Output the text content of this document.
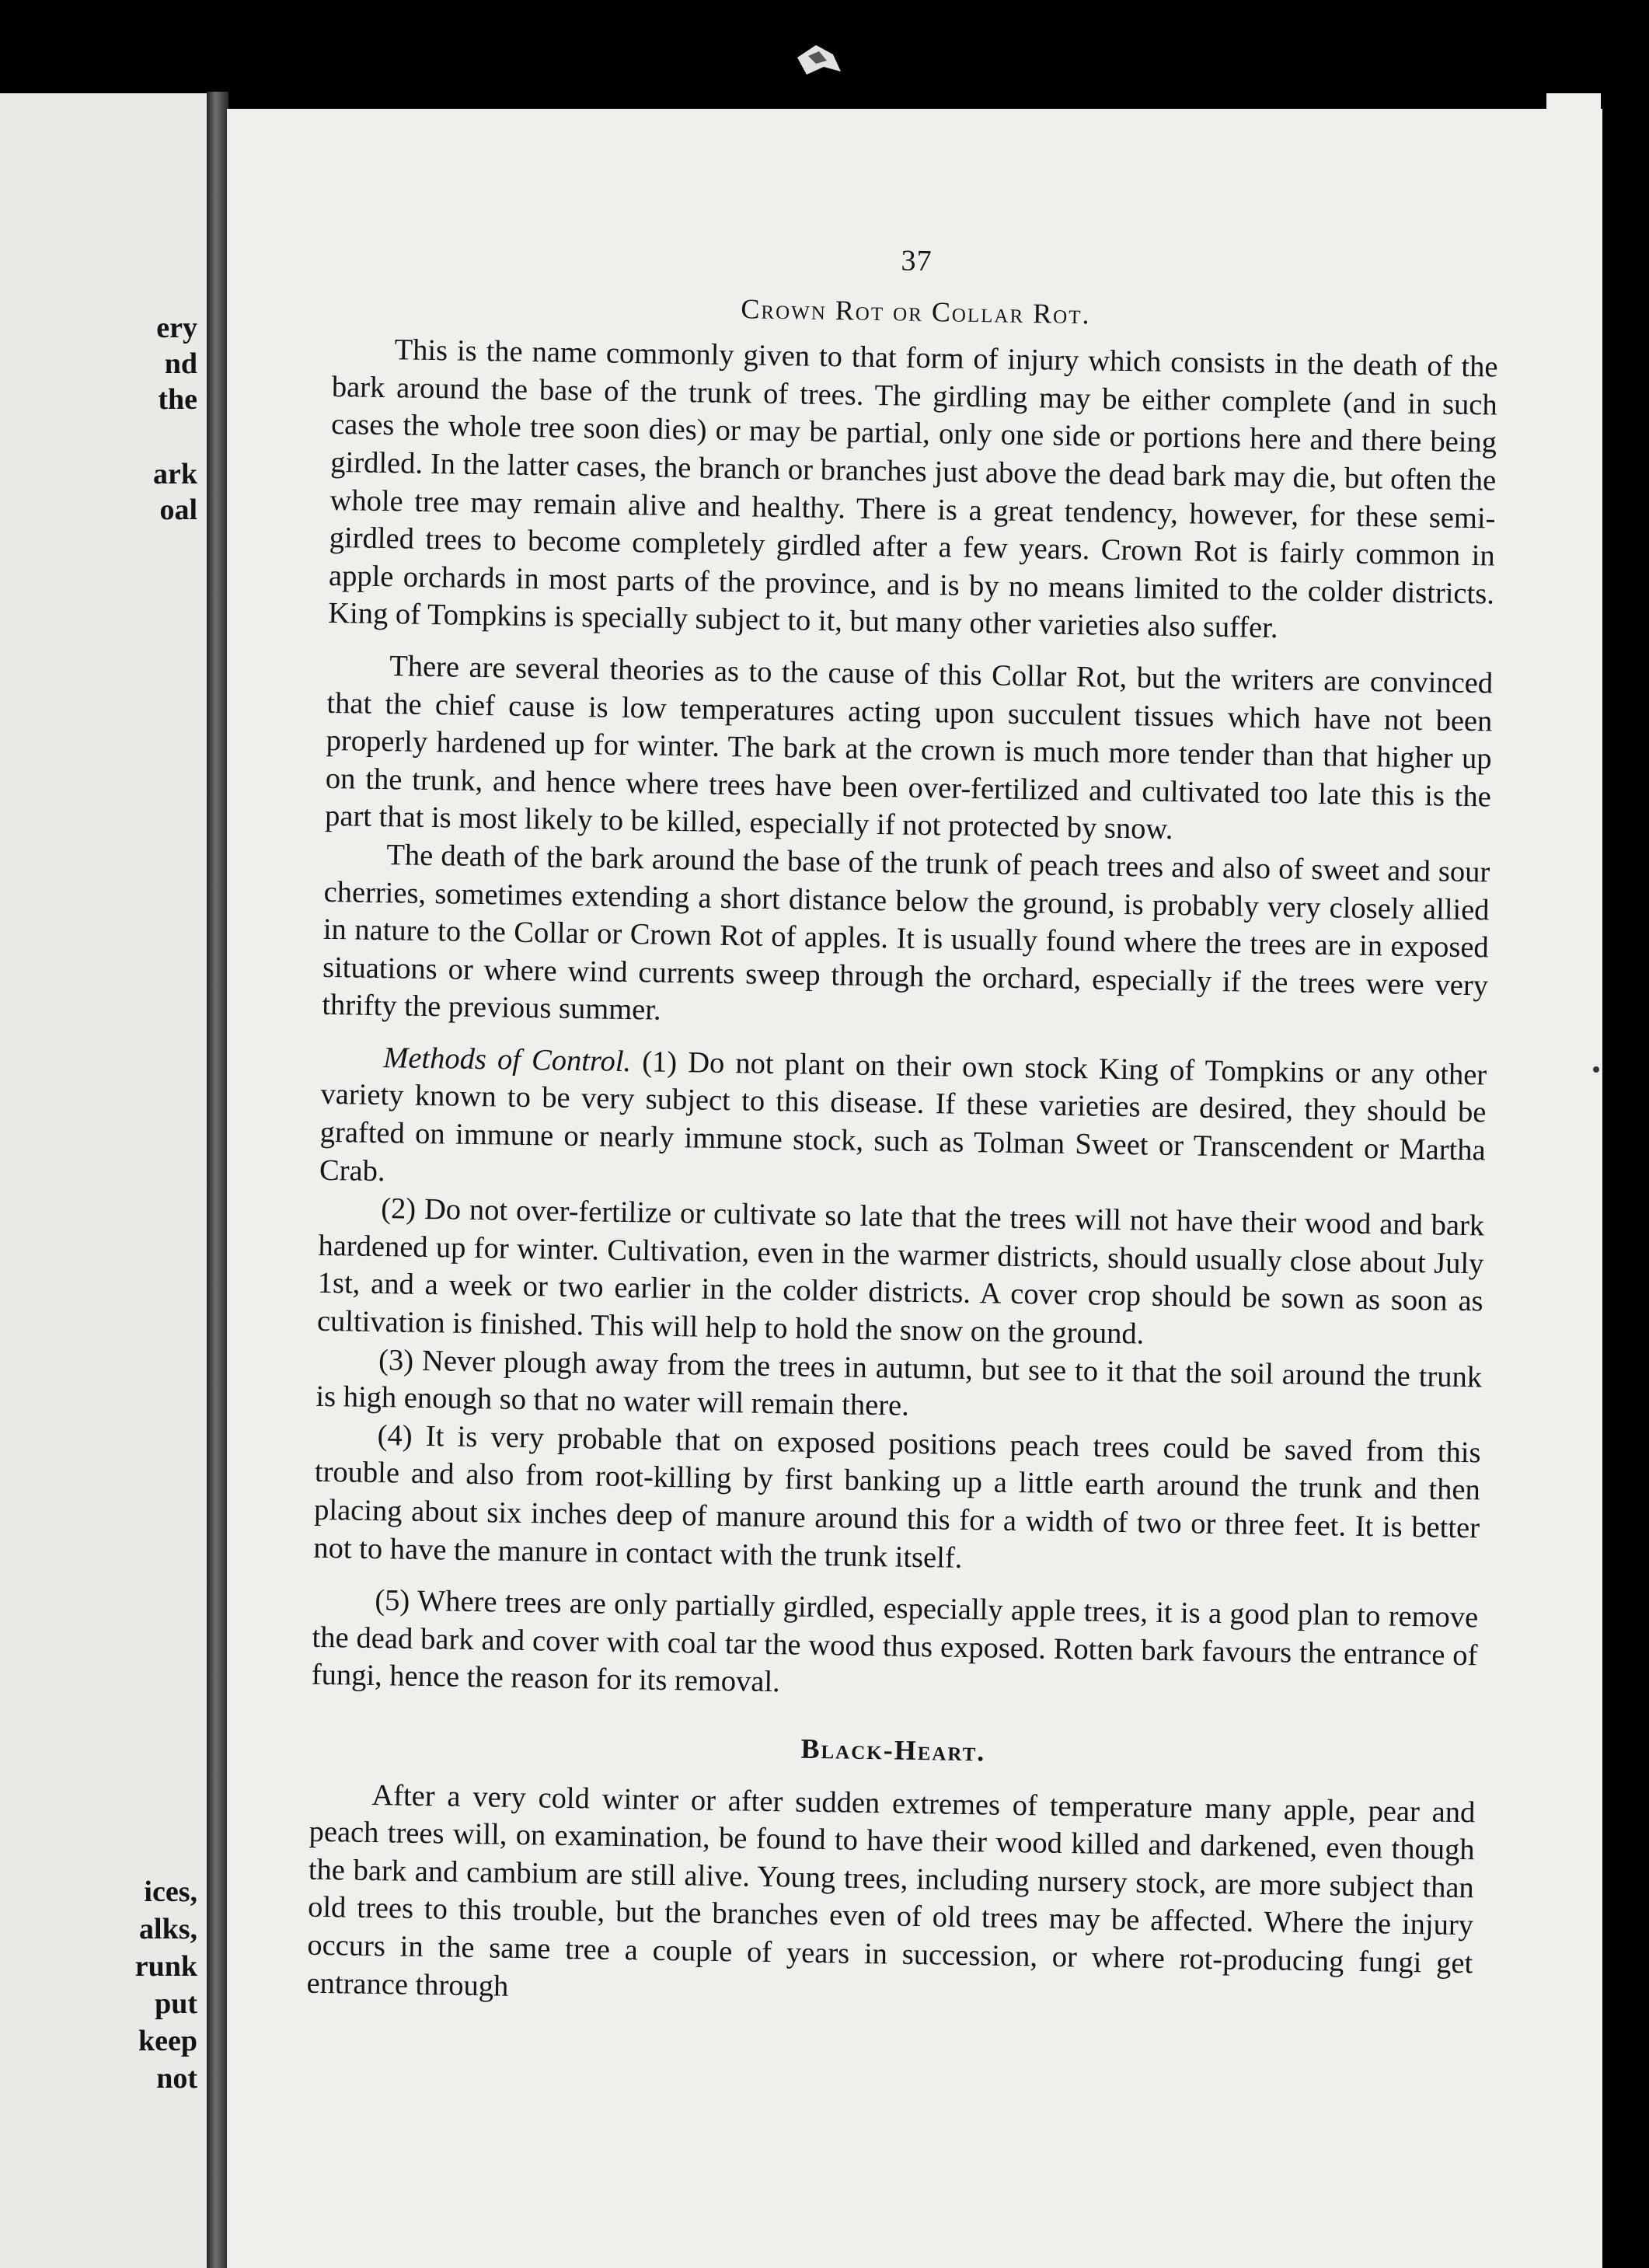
ery
nd
the
ark
oal
ices,
alks,
runk
put
keep
not
37
Crown Rot or Collar Rot.

This is the name commonly given to that form of injury which consists in the death of the bark around the base of the trunk of trees. The girdling may be either complete (and in such cases the whole tree soon dies) or may be partial, only one side or portions here and there being girdled. In the latter cases, the branch or branches just above the dead bark may die, but often the whole tree may remain alive and healthy. There is a great tendency, however, for these semi-girdled trees to become completely girdled after a few years. Crown Rot is fairly common in apple orchards in most parts of the province, and is by no means limited to the colder districts. King of Tompkins is specially subject to it, but many other varieties also suffer.

There are several theories as to the cause of this Collar Rot, but the writers are convinced that the chief cause is low temperatures acting upon succulent tissues which have not been properly hardened up for winter. The bark at the crown is much more tender than that higher up on the trunk, and hence where trees have been over-fertilized and cultivated too late this is the part that is most likely to be killed, especially if not protected by snow.

The death of the bark around the base of the trunk of peach trees and also of sweet and sour cherries, sometimes extending a short distance below the ground, is probably very closely allied in nature to the Collar or Crown Rot of apples. It is usually found where the trees are in exposed situations or where wind currents sweep through the orchard, especially if the trees were very thrifty the previous summer.

Methods of Control. (1) Do not plant on their own stock King of Tompkins or any other variety known to be very subject to this disease. If these varieties are desired, they should be grafted on immune or nearly immune stock, such as Tolman Sweet or Transcendent or Martha Crab.

(2) Do not over-fertilize or cultivate so late that the trees will not have their wood and bark hardened up for winter. Cultivation, even in the warmer districts, should usually close about July 1st, and a week or two earlier in the colder districts. A cover crop should be sown as soon as cultivation is finished. This will help to hold the snow on the ground.

(3) Never plough away from the trees in autumn, but see to it that the soil around the trunk is high enough so that no water will remain there.

(4) It is very probable that on exposed positions peach trees could be saved from this trouble and also from root-killing by first banking up a little earth around the trunk and then placing about six inches deep of manure around this for a width of two or three feet. It is better not to have the manure in contact with the trunk itself.

(5) Where trees are only partially girdled, especially apple trees, it is a good plan to remove the dead bark and cover with coal tar the wood thus exposed. Rotten bark favours the entrance of fungi, hence the reason for its removal.

Black-Heart.

After a very cold winter or after sudden extremes of temperature many apple, pear and peach trees will, on examination, be found to have their wood killed and darkened, even though the bark and cambium are still alive. Young trees, including nursery stock, are more subject than old trees to this trouble, but the branches even of old trees may be affected. Where the injury occurs in the same tree a couple of years in succession, or where rot-producing fungi get entrance through
